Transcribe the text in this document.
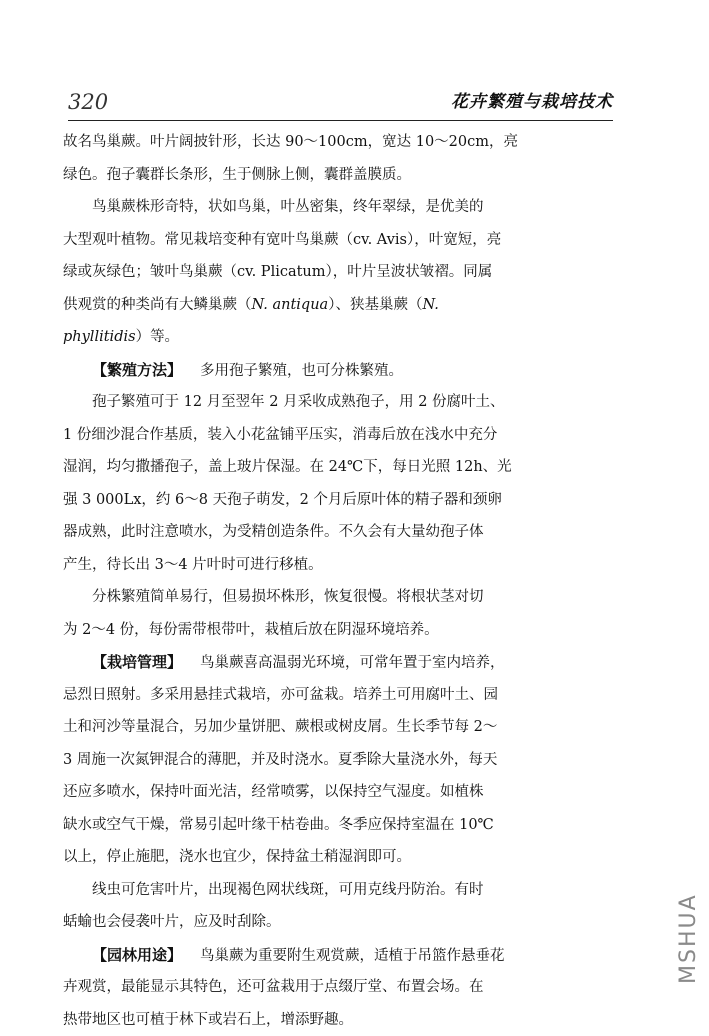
320	花卉繁殖与栽培技术
故名鸟巢蕨。叶片阔披针形，长达 90～100cm，宽达 10～20cm，亮
绿色。孢子囊群长条形，生于侧脉上侧，囊群盖膜质。
鸟巢蕨株形奇特，状如鸟巢，叶丛密集，终年翠绿，是优美的
大型观叶植物。常见栽培变种有宽叶鸟巢蕨（cv. Avis），叶宽短，亮
绿或灰绿色；皱叶鸟巢蕨（cv. Plicatum），叶片呈波状皱褶。同属
供观赏的种类尚有大鳞巢蕨（N. antiqua）、狭基巢蕨（N.
phyllitidis）等。
【繁殖方法】 多用孢子繁殖，也可分株繁殖。
孢子繁殖可于 12 月至翌年 2 月采收成熟孢子，用 2 份腐叶土、
1 份细沙混合作基质，装入小花盆铺平压实，消毒后放在浅水中充分
湿润，均匀撒播孢子，盖上玻片保湿。在 24℃下，每日光照 12h、光
强 3 000Lx，约 6～8 天孢子萌发，2 个月后原叶体的精子器和颈卵
器成熟，此时注意喷水，为受精创造条件。不久会有大量幼孢子体
产生，待长出 3～4 片叶时可进行移植。
分株繁殖简单易行，但易损坏株形，恢复很慢。将根状茎对切
为 2～4 份，每份需带根带叶，栽植后放在阴湿环境培养。
【栽培管理】 鸟巢蕨喜高温弱光环境，可常年置于室内培养，
忌烈日照射。多采用悬挂式栽培，亦可盆栽。培养土可用腐叶土、园
土和河沙等量混合，另加少量饼肥、蕨根或树皮屑。生长季节每 2～
3 周施一次氮钾混合的薄肥，并及时浇水。夏季除大量浇水外，每天
还应多喷水，保持叶面光洁，经常喷雾，以保持空气湿度。如植株
缺水或空气干燥，常易引起叶缘干枯卷曲。冬季应保持室温在 10℃
以上，停止施肥，浇水也宜少，保持盆土稍湿润即可。
线虫可危害叶片，出现褐色网状线斑，可用克线丹防治。有时
蛞蝓也会侵袭叶片，应及时刮除。
【园林用途】 鸟巢蕨为重要附生观赏蕨，适植于吊篮作悬垂花
卉观赏，最能显示其特色，还可盆栽用于点缀厅堂、布置会场。在
热带地区也可植于林下或岩石上，增添野趣。
MSHUA
